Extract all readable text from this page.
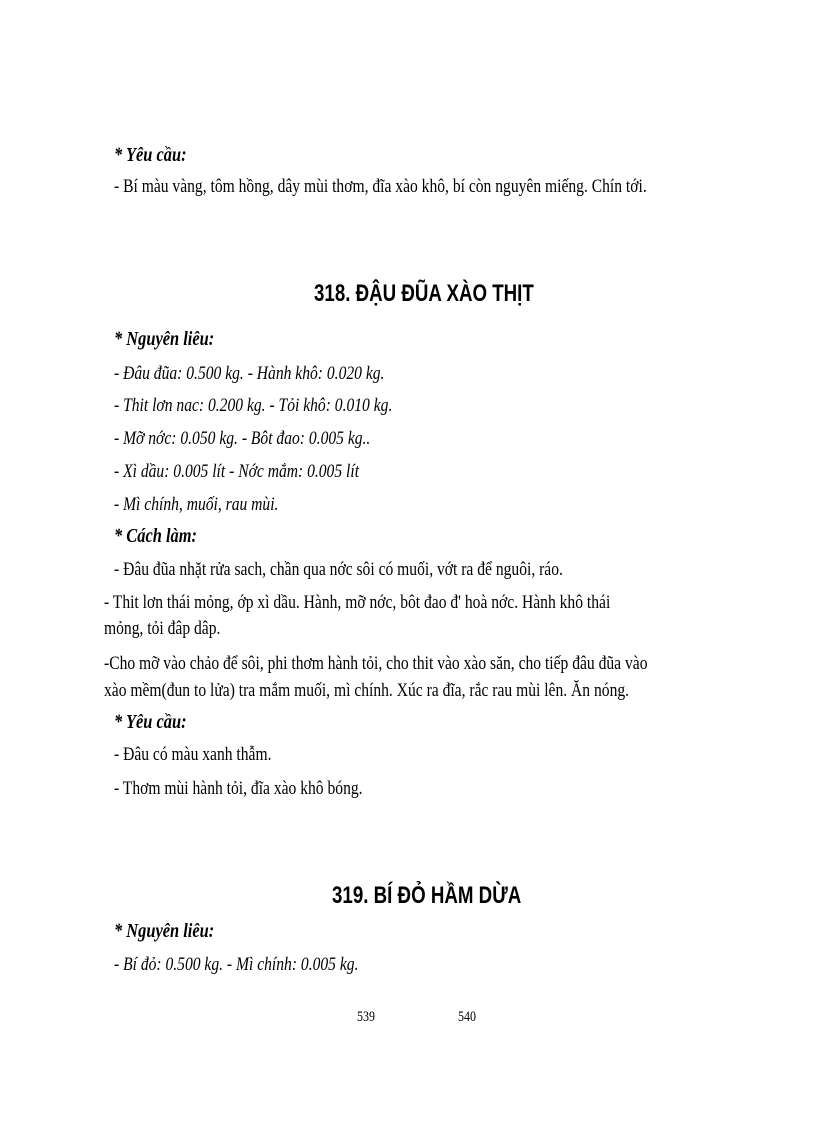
* Yêu cầu:
- Bí màu vàng, tôm hồng, dây mùi thơm, đĩa xào khô, bí còn nguyên miếng. Chín tới.
318. ĐẬU ĐŨA XÀO THỊT
* Nguyên liêu:
- Đâu đũa: 0.500 kg. - Hành khô: 0.020 kg.
- Thit lơn nac: 0.200 kg. - Tỏi khô: 0.010 kg.
- Mỡ nớc: 0.050 kg. - Bôt đao: 0.005 kg..
- Xì dầu: 0.005 lít - Nớc mắm: 0.005 lít
- Mì chính, muối, rau mùi.
* Cách làm:
- Đâu đũa nhặt rửa sach, chần qua nớc sôi có muối, vớt ra để nguôi, ráo.
- Thit lơn thái mỏng, ớp xì dầu. Hành, mỡ nớc, bôt đao đ' hoà nớc. Hành khô thái
mỏng, tỏi đâp dâp.
-Cho mỡ vào chảo để sôi, phi thơm hành tỏi, cho thit vào xào săn, cho tiếp đâu đũa vào
xào mềm(đun to lửa) tra mắm muối, mì chính. Xúc ra đĩa, rắc rau mùi lên. Ăn nóng.
* Yêu cầu:
- Đâu có màu xanh thẫm.
- Thơm mùi hành tỏi, đĩa xào khô bóng.
319. BÍ ĐỎ HẦM DỪA
* Nguyên liêu:
- Bí đỏ: 0.500 kg. - Mì chính: 0.005 kg.
539	540
